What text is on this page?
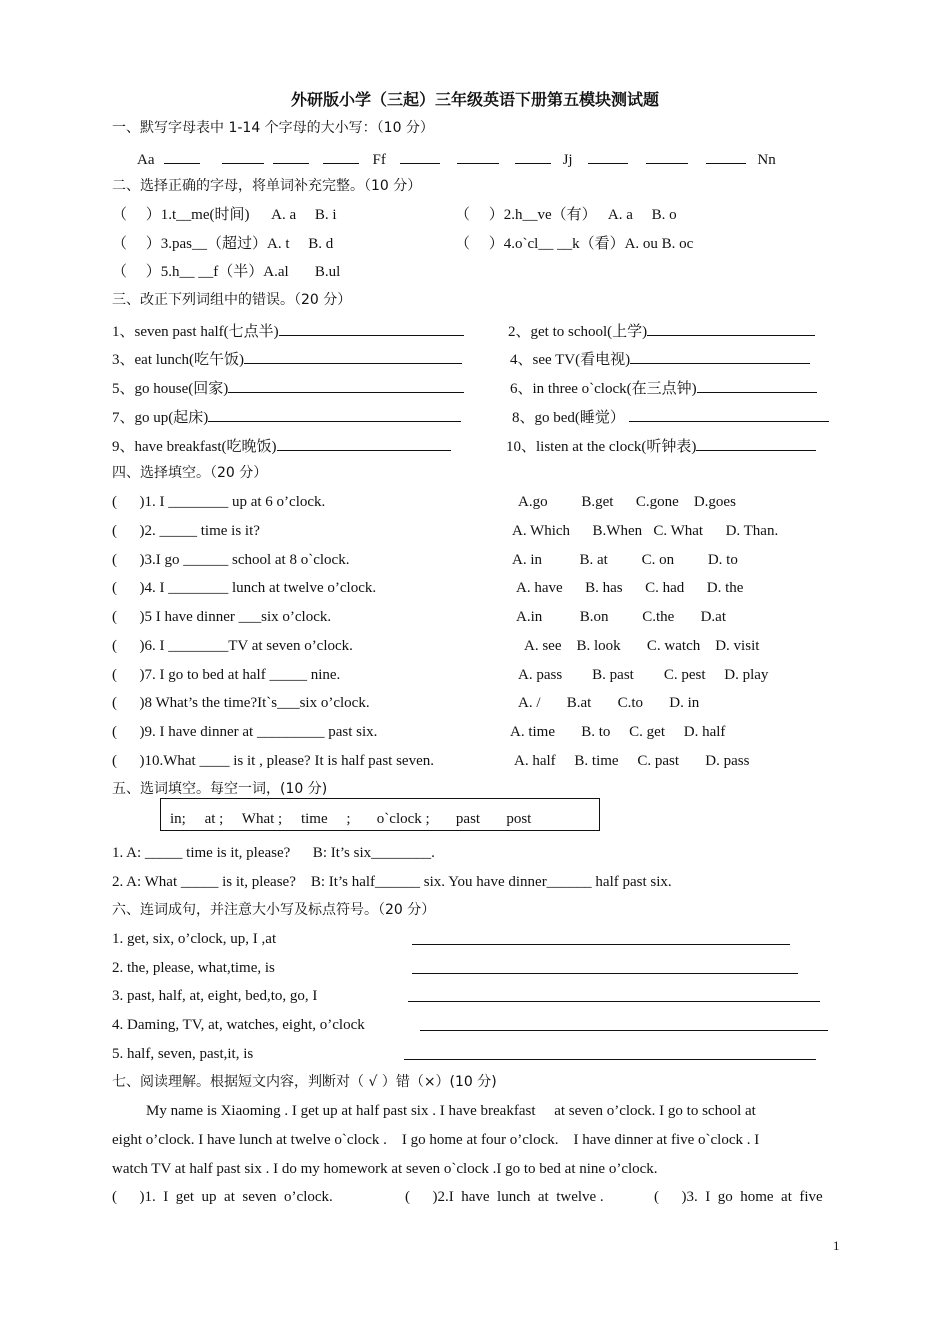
外研版小学（三起）三年级英语下册第五模块测试题
一、默写字母表中 1-14 个字母的大小写：（10 分）
Aa	Ff	Jj	Nn
二、选择正确的字母，将单词补充完整。（10 分）
（     ）1.t__me(时间)      A. a     B. i	（     ）2.h__ve（有）   A. a     B. o
（     ）3.pas__（超过）A. t     B. d	（     ）4.o`cl__ __k（看）A. ou B. oc
（     ）5.h__ __f（半）A.al       B.ul
三、改正下列词组中的错误。（20 分）
1、seven past half(七点半)	2、get to school(上学)
3、eat lunch(吃午饭)	4、see TV(看电视)
5、go house(回家)	6、in three o`clock(在三点钟)
7、go up(起床)	8、go bed(睡觉）
9、have breakfast(吃晚饭)	10、listen at the clock(听钟表)
四、选择填空。（20 分）
(      )1. I ________ up at 6 o’clock.	A.go         B.get      C.gone    D.goes
(      )2. _____ time is it?	A. Which      B.When   C. What      D. Than.
(      )3.I go ______ school at 8 o`clock.	A. in          B. at         C. on         D. to
(      )4. I ________ lunch at twelve o’clock.	A. have      B. has      C. had      D. the
(      )5 I have dinner ___six o’clock.	A.in          B.on         C.the       D.at
(      )6. I ________TV at seven o’clock.	A. see    B. look       C. watch    D. visit
(      )7. I go to bed at half _____ nine.	A. pass        B. past        C. pest     D. play
(      )8 What’s the time?It`s___six o’clock.	A. /       B.at       C.to       D. in
(      )9. I have dinner at _________ past six.	A. time       B. to     C. get     D. half
(      )10.What ____ is it , please? It is half past seven.	A. half     B. time     C. past       D. pass
五、选词填空。每空一词，(10 分)
in;     at ;     What ;     time     ;       o`clock ;       past       post
1. A: _____ time is it, please?      B: It’s six________.
2. A: What _____ is it, please?    B: It’s half______ six. You have dinner______ half past six.
六、连词成句，并注意大小写及标点符号。（20 分）
1. get, six, o’clock, up, I ,at
2. the, please, what,time, is
3. past, half, at, eight, bed,to, go, I
4. Daming, TV, at, watches, eight, o’clock
5. half, seven, past,it, is
七、阅读理解。根据短文内容，判断对（ √ ）错（×）(10 分)
My name is Xiaoming . I get up at half past six . I have breakfast     at seven o’clock. I go to school at
eight o’clock. I have lunch at twelve o`clock .    I go home at four o’clock.    I have dinner at five o`clock . I
watch TV at half past six . I do my homework at seven o`clock .I go to bed at nine o’clock.
(      )1.  I  get  up  at  seven  o’clock.	(      )2.I  have  lunch  at  twelve .	(      )3.  I  go  home  at  five
1
